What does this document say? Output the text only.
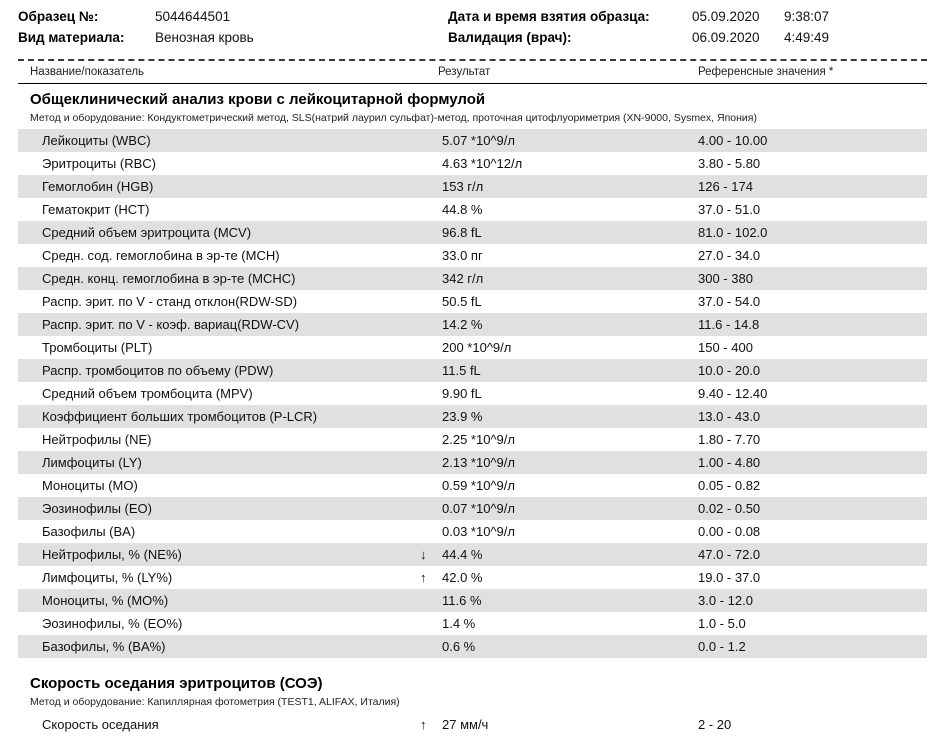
Образец №:	5044644501
Вид материала:	Венозная кровь
Дата и время взятия образца:	05.09.2020 9:38:07
Валидация (врач):	06.09.2020 4:49:49
Название/показатель	Результат	Референсные значения *
Общеклинический анализ крови с лейкоцитарной формулой
Метод и оборудование: Кондуктометрический метод, SLS(натрий лаурил сульфат)-метод, проточная цитофлуориметрия (XN-9000, Sysmex, Япония)
Лейкоциты (WBC)	5.07 *10^9/л	4.00 - 10.00
Эритроциты (RBC)	4.63 *10^12/л	3.80 - 5.80
Гемоглобин (HGB)	153 г/л	126 - 174
Гематокрит (HCT)	44.8 %	37.0 - 51.0
Средний объем эритроцита (MCV)	96.8 fL	81.0 - 102.0
Средн. сод. гемоглобина в эр-те (MCH)	33.0 пг	27.0 - 34.0
Средн. конц. гемоглобина в эр-те (MCHC)	342 г/л	300 - 380
Распр. эрит. по V - станд отклон(RDW-SD)	50.5 fL	37.0 - 54.0
Распр. эрит. по V - коэф. вариац(RDW-CV)	14.2 %	11.6 - 14.8
Тромбоциты (PLT)	200 *10^9/л	150 - 400
Распр. тромбоцитов по объему (PDW)	11.5 fL	10.0 - 20.0
Средний объем тромбоцита (MPV)	9.90 fL	9.40 - 12.40
Коэффициент больших тромбоцитов (P-LCR)	23.9 %	13.0 - 43.0
Нейтрофилы (NE)	2.25 *10^9/л	1.80 - 7.70
Лимфоциты (LY)	2.13 *10^9/л	1.00 - 4.80
Моноциты (MO)	0.59 *10^9/л	0.05 - 0.82
Эозинофилы (EO)	0.07 *10^9/л	0.02 - 0.50
Базофилы (BA)	0.03 *10^9/л	0.00 - 0.08
Нейтрофилы, % (NE%)	↓	44.4 %	47.0 - 72.0
Лимфоциты, % (LY%)	↑	42.0 %	19.0 - 37.0
Моноциты, % (MO%)	11.6 %	3.0 - 12.0
Эозинофилы, % (EO%)	1.4 %	1.0 - 5.0
Базофилы, % (BA%)	0.6 %	0.0 - 1.2
Скорость оседания эритроцитов (СОЭ)
Метод и оборудование: Капиллярная фотометрия (TEST1, ALIFAX, Италия)
Скорость оседания	↑	27 мм/ч	2 - 20
